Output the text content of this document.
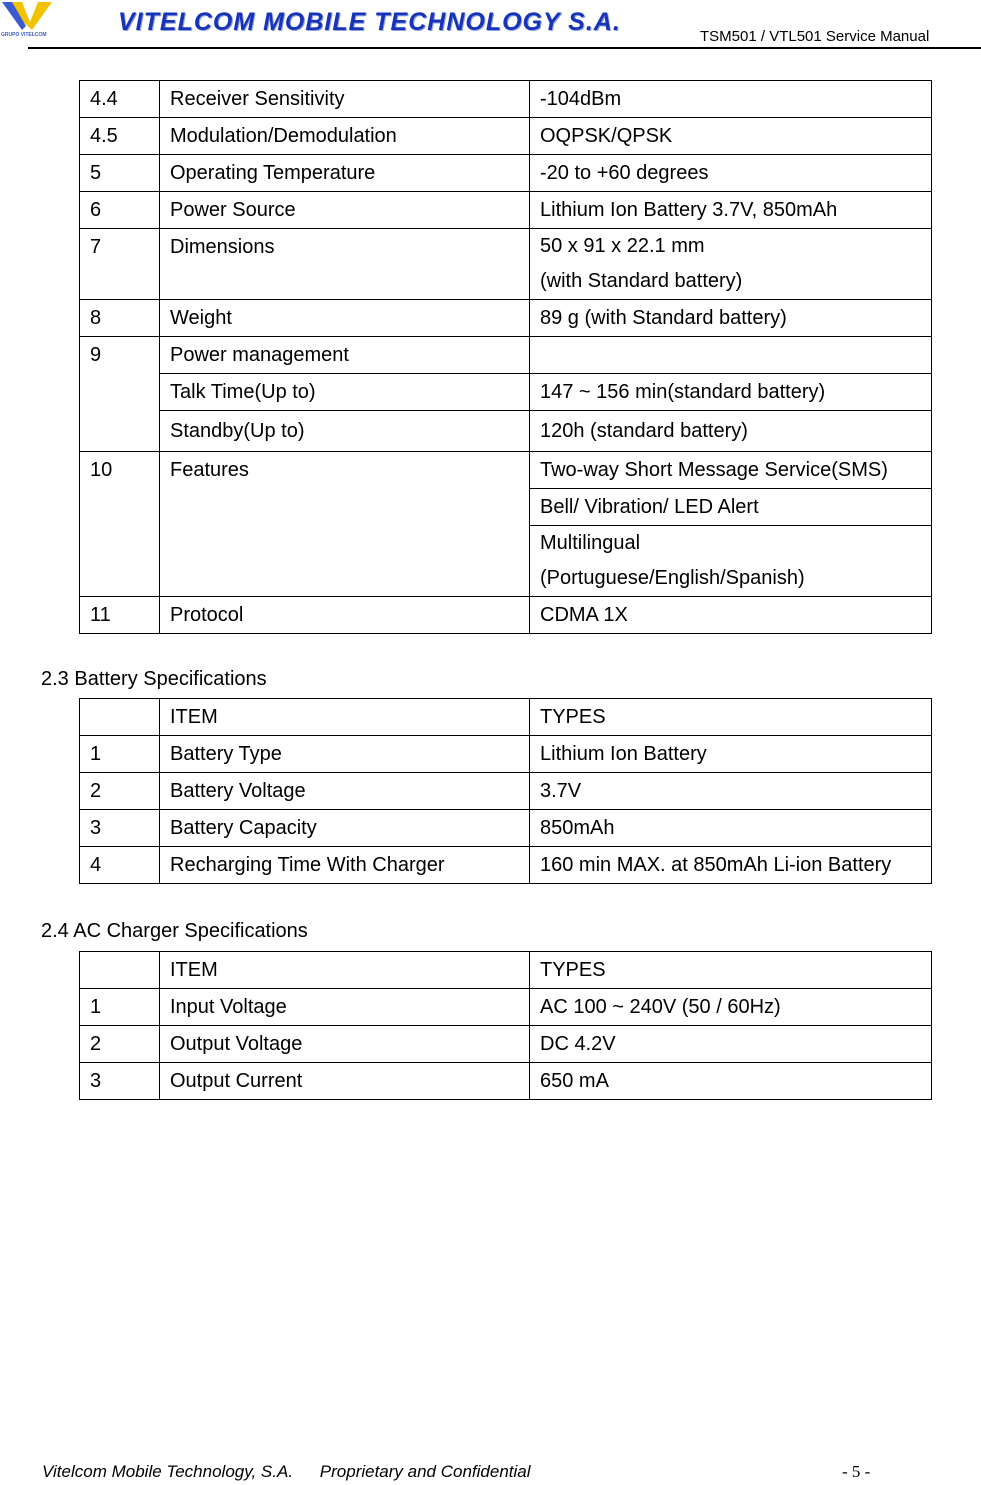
GRUPO VITELCOM	VITELCOM MOBILE TECHNOLOGY S.A.
TSM501 / VTL501 Service Manual
4.4	Receiver Sensitivity	-104dBm
4.5	Modulation/Demodulation	OQPSK/QPSK
5	Operating Temperature	-20 to +60 degrees
6	Power Source	Lithium Ion Battery 3.7V, 850mAh
7	Dimensions	50 x 91 x 22.1 mm
(with Standard battery)

8	Weight	89 g (with Standard battery)
9	Power management	
	Talk Time(Up to)	147 ~ 156 min(standard battery)
	Standby(Up to)	120h (standard battery)
10	Features	Two-way Short Message Service(SMS)
		Bell/ Vibration/ LED Alert

		Multilingual
(Portuguese/English/Spanish)

11	Protocol	CDMA 1X
2.3 Battery Specifications
	ITEM	TYPES
1	Battery Type	Lithium Ion Battery
2	Battery Voltage	3.7V
3	Battery Capacity	850mAh
4	Recharging Time With Charger	160 min MAX. at 850mAh Li-ion Battery
2.4 AC Charger Specifications
	ITEM	TYPES
1	Input Voltage	AC 100 ~ 240V (50 / 60Hz)
2	Output Voltage	DC 4.2V
3	Output Current	650 mA
Vitelcom Mobile Technology, S.A. Proprietary and Confidential	- 5 -
